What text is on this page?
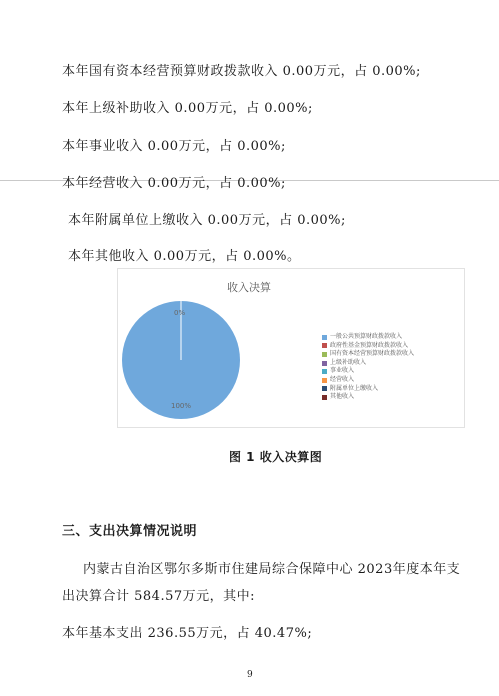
本年国有资本经营预算财政拨款收入 0.00万元，占 0.00%;
本年上级补助收入 0.00万元，占 0.00%;
本年事业收入 0.00万元，占 0.00%;
本年经营收入 0.00万元，占 0.00%;
本年附属单位上缴收入 0.00万元，占 0.00%;
本年其他收入 0.00万元，占 0.00%。
收入决算
0%
100%
一般公共预算财政拨款收入
政府性基金预算财政拨款收入
国有资本经营预算财政拨款收入
上级补助收入
事业收入
经营收入
附属单位上缴收入
其他收入
图 1 收入决算图
三、支出决算情况说明
内蒙古自治区鄂尔多斯市住建局综合保障中心 2023年度本年支
出决算合计 584.57万元，其中:
本年基本支出 236.55万元，占 40.47%;
9
